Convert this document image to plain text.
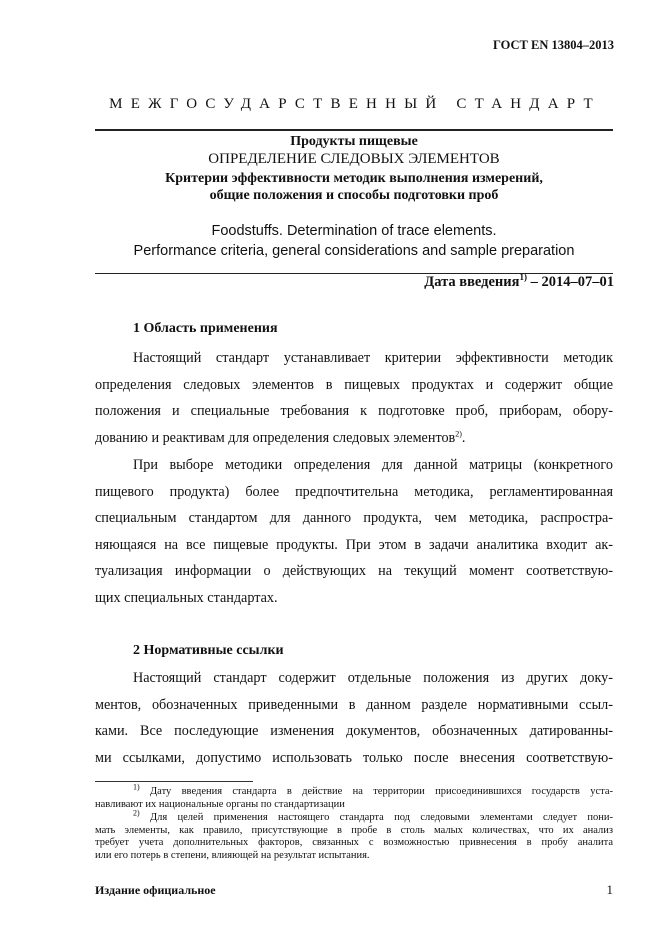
ГОСТ EN 13804–2013
МЕЖГОСУДАРСТВЕННЫЙ СТАНДАРТ
Продукты пищевые
ОПРЕДЕЛЕНИЕ СЛЕДОВЫХ ЭЛЕМЕНТОВ
Критерии эффективности методик выполнения измерений,
общие положения и способы подготовки проб
Foodstuffs. Determination of trace elements.
Performance criteria, general considerations and sample preparation
Дата введения$^{1)}$ – 2014–07–01
1 Область применения
Настоящий стандарт устанавливает критерии эффективности методик
определения следовых элементов в пищевых продуктах и содержит общие
положения и специальные требования к подготовке проб, приборам, обору-
дованию и реактивам для определения следовых элементов$^{2)}$.
При выборе методики определения для данной матрицы (конкретного
пищевого продукта) более предпочтительна методика, регламентированная
специальным стандартом для данного продукта, чем методика, распростра-
няющаяся на все пищевые продукты. При этом в задачи аналитика входит ак-
туализация информации о действующих на текущий момент соответствую-
щих специальных стандартах.
2 Нормативные ссылки
Настоящий стандарт содержит отдельные положения из других доку-
ментов, обозначенных приведенными в данном разделе нормативными ссыл-
ками. Все последующие изменения документов, обозначенных датированны-
ми ссылками, допустимо использовать только после внесения соответствую-
$^{1)}$ Дату введения стандарта в действие на территории присоединившихся государств уста-
навливают их национальные органы по стандартизации
$^{2)}$ Для целей применения настоящего стандарта под следовыми элементами следует пони-
мать элементы, как правило, присутствующие в пробе в столь малых количествах, что их анализ
требует учета дополнительных факторов, связанных с возможностью привнесения в пробу аналита
или его потерь в степени, влияющей на результат испытания.
Издание официальное	1
